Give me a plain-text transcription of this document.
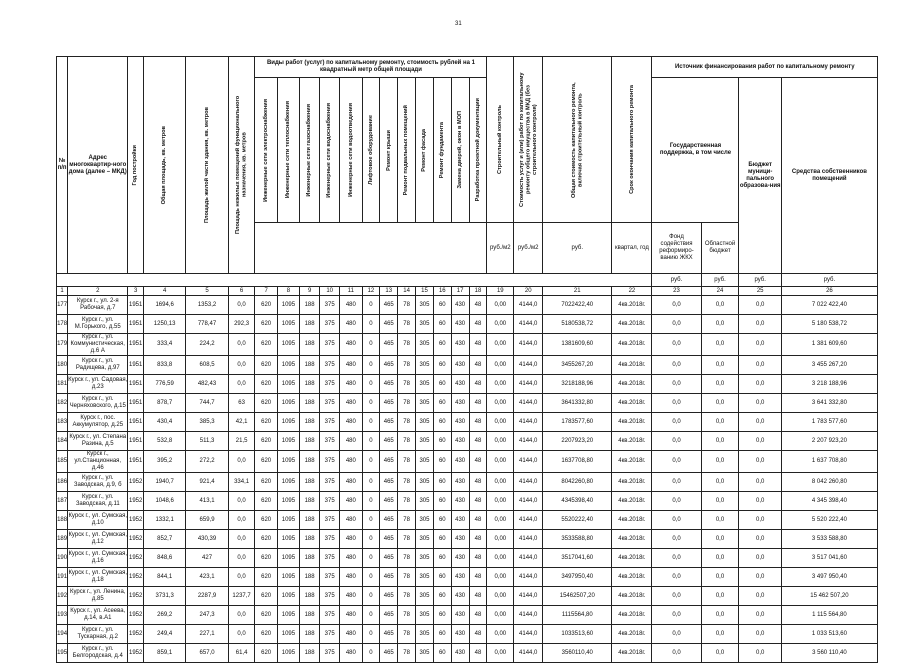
31
№ п/п	Адрес многоквартир-ного дома (далее – МКД)	Год постройки	Общая площадь, кв. метров	Площадь жилой части здания, кв. метров	Площадь нежилых помещений функционального назначения, кв. метров	Виды работ (услуг) по капитальному ремонту, стоимость рублей на 1 квадратный метр общей площади												Строительный контроль	Стоимость услуг и (или) работ по капитальному ремонту общего имущества в МКД (без строительного контроля)	Общая стоимость капитального ремонта, включая строительный контроль	Срок окончания капитального ремонта	Источник финансирования работ по капитальному ремонту			

						Инженерные сети электроснабжения	Инженерные сети теплоснабжения	Инженерные сети газоснабжения	Инженерные сети водоснабжения	Инженерные сети водоотведения	Лифтовое оборудование	Ремонт крыши	Ремонт подвальных помещений	Ремонт фасада	Ремонт фундамента	Замена дверей, окон в МОП	Разработка проектной документации					Государственная поддержка, в том числе		Бюджет муници-пального образова-ния	Средства собственников помещений
																		руб./м2	руб./м2	руб.	квартал, год	Фонд содействия реформиро-ванию ЖКХ	Областной бюджет		
																						руб.	руб.	руб.	руб.
1	2	3	4	5	6	7	8	9	10	11	12	13	14	15	16	17	18	19	20	21	22	23	24	25	26
177	Курск г., ул. 2-я Рабочая, д.7	1951	1694,6	1353,2	0,0	620	1095	188	375	480	0	465	78	305	60	430	48	0,00	4144,0	7022422,40	4кв.2018г.	0,0	0,0	0,0	7 022 422,40
178	Курск г., ул. М.Горького, д.55	1951	1250,13	778,47	292,3	620	1095	188	375	480	0	465	78	305	60	430	48	0,00	4144,0	5180538,72	4кв.2018г.	0,0	0,0	0,0	5 180 538,72
179	Курск г., ул. Коммунистическая, д.6 А	1951	333,4	224,2	0,0	620	1095	188	375	480	0	465	78	305	60	430	48	0,00	4144,0	1381609,60	4кв.2018г.	0,0	0,0	0,0	1 381 609,60
180	Курск г., ул. Радищева, д.97	1951	833,8	608,5	0,0	620	1095	188	375	480	0	465	78	305	60	430	48	0,00	4144,0	3455267,20	4кв.2018г.	0,0	0,0	0,0	3 455 267,20
181	Курск г., ул. Садовая, д.23	1951	776,59	482,43	0,0	620	1095	188	375	480	0	465	78	305	60	430	48	0,00	4144,0	3218188,96	4кв.2018г.	0,0	0,0	0,0	3 218 188,96
182	Курск г., ул. Черняховского, д.15	1951	878,7	744,7	63	620	1095	188	375	480	0	465	78	305	60	430	48	0,00	4144,0	3641332,80	4кв.2018г.	0,0	0,0	0,0	3 641 332,80
183	Курск г., пос. Аккумулятор, д.25	1951	430,4	385,3	42,1	620	1095	188	375	480	0	465	78	305	60	430	48	0,00	4144,0	1783577,60	4кв.2018г.	0,0	0,0	0,0	1 783 577,60
184	Курск г., ул. Степана Разина, д.5	1951	532,8	511,3	21,5	620	1095	188	375	480	0	465	78	305	60	430	48	0,00	4144,0	2207923,20	4кв.2018г.	0,0	0,0	0,0	2 207 923,20
185	Курск г., ул.Станционная, д.46	1951	395,2	272,2	0,0	620	1095	188	375	480	0	465	78	305	60	430	48	0,00	4144,0	1637708,80	4кв.2018г.	0,0	0,0	0,0	1 637 708,80
186	Курск г., ул. Заводская, д.9, б	1952	1940,7	921,4	334,1	620	1095	188	375	480	0	465	78	305	60	430	48	0,00	4144,0	8042260,80	4кв.2018г.	0,0	0,0	0,0	8 042 260,80
187	Курск г., ул. Заводская, д.11	1952	1048,6	413,1	0,0	620	1095	188	375	480	0	465	78	305	60	430	48	0,00	4144,0	4345398,40	4кв.2018г.	0,0	0,0	0,0	4 345 398,40
188	Курск г., ул. Сумская, д.10	1952	1332,1	659,9	0,0	620	1095	188	375	480	0	465	78	305	60	430	48	0,00	4144,0	5520222,40	4кв.2018г.	0,0	0,0	0,0	5 520 222,40
189	Курск г., ул. Сумская, д.12	1952	852,7	430,39	0,0	620	1095	188	375	480	0	465	78	305	60	430	48	0,00	4144,0	3533588,80	4кв.2018г.	0,0	0,0	0,0	3 533 588,80
190	Курск г., ул. Сумская, д.16	1952	848,6	427	0,0	620	1095	188	375	480	0	465	78	305	60	430	48	0,00	4144,0	3517041,60	4кв.2018г.	0,0	0,0	0,0	3 517 041,60
191	Курск г., ул. Сумская, д.18	1952	844,1	423,1	0,0	620	1095	188	375	480	0	465	78	305	60	430	48	0,00	4144,0	3497950,40	4кв.2018г.	0,0	0,0	0,0	3 497 950,40
192	Курск г., ул. Ленина, д.85	1952	3731,3	2287,9	1237,7	620	1095	188	375	480	0	465	78	305	60	430	48	0,00	4144,0	15462507,20	4кв.2018г.	0,0	0,0	0,0	15 462 507,20
193	Курск г., ул. Асеева, д.14, в.А1	1952	269,2	247,3	0,0	620	1095	188	375	480	0	465	78	305	60	430	48	0,00	4144,0	1115564,80	4кв.2018г.	0,0	0,0	0,0	1 115 564,80
194	Курск г., ул. Тускарная, д.2	1952	249,4	227,1	0,0	620	1095	188	375	480	0	465	78	305	60	430	48	0,00	4144,0	1033513,60	4кв.2018г.	0,0	0,0	0,0	1 033 513,60
195	Курск г., ул. Белгородская, д.4	1952	859,1	657,0	61,4	620	1095	188	375	480	0	465	78	305	60	430	48	0,00	4144,0	3560110,40	4кв.2018г.	0,0	0,0	0,0	3 560 110,40
